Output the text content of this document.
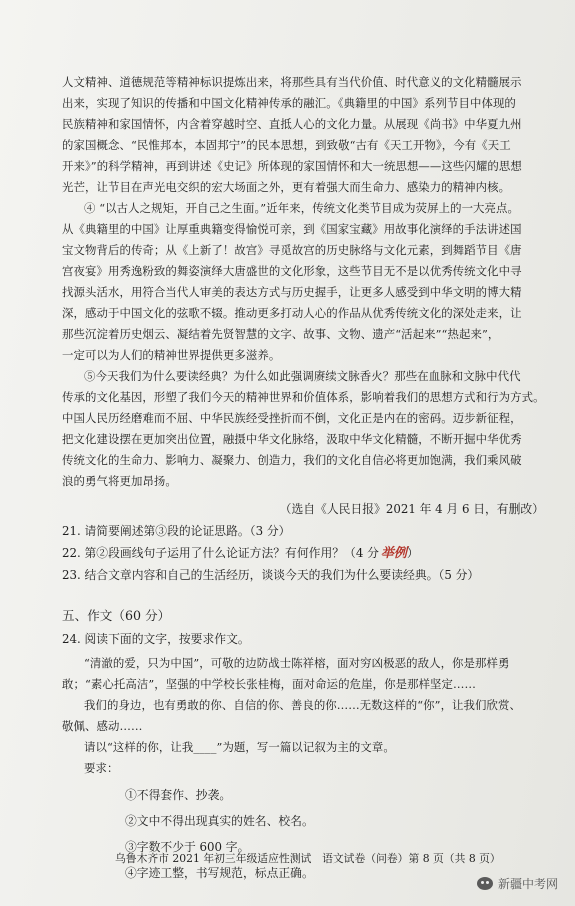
人文精神、道德规范等精神标识提炼出来，将那些具有当代价值、时代意义的文化精髓展示
出来，实现了知识的传播和中国文化精神传承的融汇。《典籍里的中国》系列节目中体现的
民族精神和家国情怀，内含着穿越时空、直抵人心的文化力量。从展现《尚书》中华夏九州
的家国概念、“民惟邦本，本固邦宁”的民本思想，到致敬“古有《天工开物》，今有《天工
开来》”的科学精神，再到讲述《史记》所体现的家国情怀和大一统思想——这些闪耀的思想
光芒，让节目在声光电交织的宏大场面之外，更有着强大而生命力、感染力的精神内核。
④ “以古人之规矩，开自己之生面。”近年来，传统文化类节目成为荧屏上的一大亮点。
从《典籍里的中国》让厚重典籍变得愉悦可亲，到《国家宝藏》用故事化演绎的手法讲述国
宝文物背后的传奇；从《上新了！故宫》寻觅故宫的历史脉络与文化元素，到舞蹈节目《唐
宫夜宴》用秀逸粉致的舞姿演绎大唐盛世的文化形象，这些节目无不是以优秀传统文化中寻
找源头活水，用符合当代人审美的表达方式与历史握手，让更多人感受到中华文明的博大精
深，感动于中国文化的弦歌不辍。推动更多打动人心的作品从优秀传统文化的深处走来，让
那些沉淀着历史烟云、凝结着先贤智慧的文字、故事、文物、遗产“活起来”“热起来”，
一定可以为人们的精神世界提供更多滋养。
⑤今天我们为什么要读经典？为什么如此强调赓续文脉香火？那些在血脉和文脉中代代
传承的文化基因，形塑了我们今天的精神世界和价值体系，影响着我们的思想方式和行为方式。
中国人民历经磨难而不屈、中华民族经受挫折而不倒，文化正是内在的密码。迈步新征程，
把文化建设摆在更加突出位置，融摄中华文化脉络，汲取中华文化精髓，不断开掘中华优秀
传统文化的生命力、影响力、凝聚力、创造力，我们的文化自信必将更加饱满，我们乘风破
浪的勇气将更加昂扬。
（选自《人民日报》2021 年 4 月 6 日，有删改）
21. 请简要阐述第③段的论证思路。（3 分）
22. 第②段画线句子运用了什么论证方法？有何作用？（4 分 举例）
23. 结合文章内容和自己的生活经历，谈谈今天的我们为什么要读经典。（5 分）
五、作文（60 分）
24. 阅读下面的文字，按要求作文。
“清澈的爱，只为中国”，可敬的边防战士陈祥榕，面对穷凶极恶的敌人，你是那样勇
敢；“素心托高洁”，坚强的中学校长张桂梅，面对命运的危崖，你是那样坚定……
我们的身边，也有勇敢的你、自信的你、善良的你……无数这样的“你”，让我们欣赏、
敬佩、感动……
请以“这样的你，让我____”为题，写一篇以记叙为主的文章。
要求：
①不得套作、抄袭。
②文中不得出现真实的姓名、校名。
③字数不少于 600 字。
④字迹工整，书写规范，标点正确。
乌鲁木齐市 2021 年初三年级适应性测试　语文试卷（问卷）第 8 页（共 8 页）
新疆中考网
